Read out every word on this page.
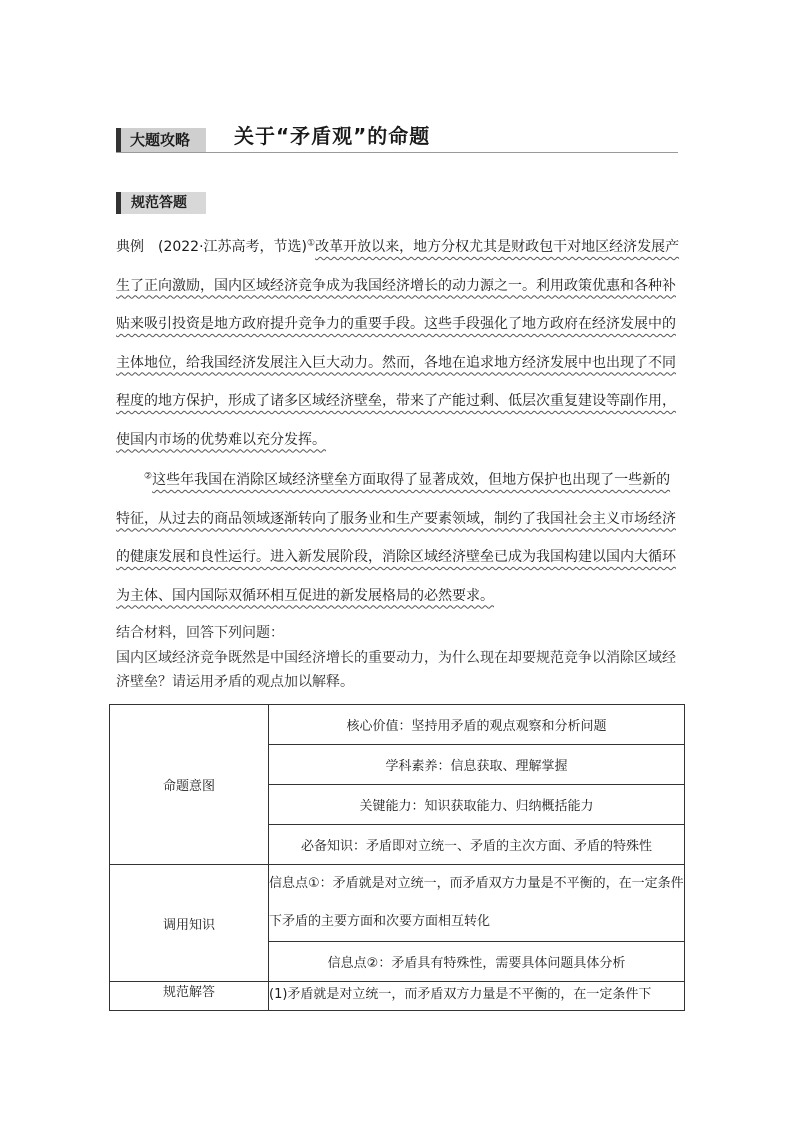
大题攻略	关于“矛盾观”的命题
规范答题
典例　(2022·江苏高考，节选)①改革开放以来，地方分权尤其是财政包干对地区经济发展产生了正向激励，国内区域经济竞争成为我国经济增长的动力源之一。利用政策优惠和各种补贴来吸引投资是地方政府提升竞争力的重要手段。这些手段强化了地方政府在经济发展中的主体地位，给我国经济发展注入巨大动力。然而，各地在追求地方经济发展中也出现了不同程度的地方保护，形成了诸多区域经济壁垒，带来了产能过剩、低层次重复建设等副作用，使国内市场的优势难以充分发挥。
②这些年我国在消除区域经济壁垒方面取得了显著成效，但地方保护也出现了一些新的特征，从过去的商品领域逐渐转向了服务业和生产要素领域，制约了我国社会主义市场经济的健康发展和良性运行。进入新发展阶段，消除区域经济壁垒已成为我国构建以国内大循环为主体、国内国际双循环相互促进的新发展格局的必然要求。
结合材料，回答下列问题：
国内区域经济竞争既然是中国经济增长的重要动力，为什么现在却要规范竞争以消除区域经济壁垒？请运用矛盾的观点加以解释。
命题意图	核心价值：坚持用矛盾的观点观察和分析问题
	学科素养：信息获取、理解掌握
	关键能力：知识获取能力、归纳概括能力
	必备知识：矛盾即对立统一、矛盾的主次方面、矛盾的特殊性
调用知识	信息点①：矛盾就是对立统一，而矛盾双方力量是不平衡的，在一定条件下矛盾的主要方面和次要方面相互转化
	信息点②：矛盾具有特殊性，需要具体问题具体分析
规范解答	(1)矛盾就是对立统一，而矛盾双方力量是不平衡的，在一定条件下
